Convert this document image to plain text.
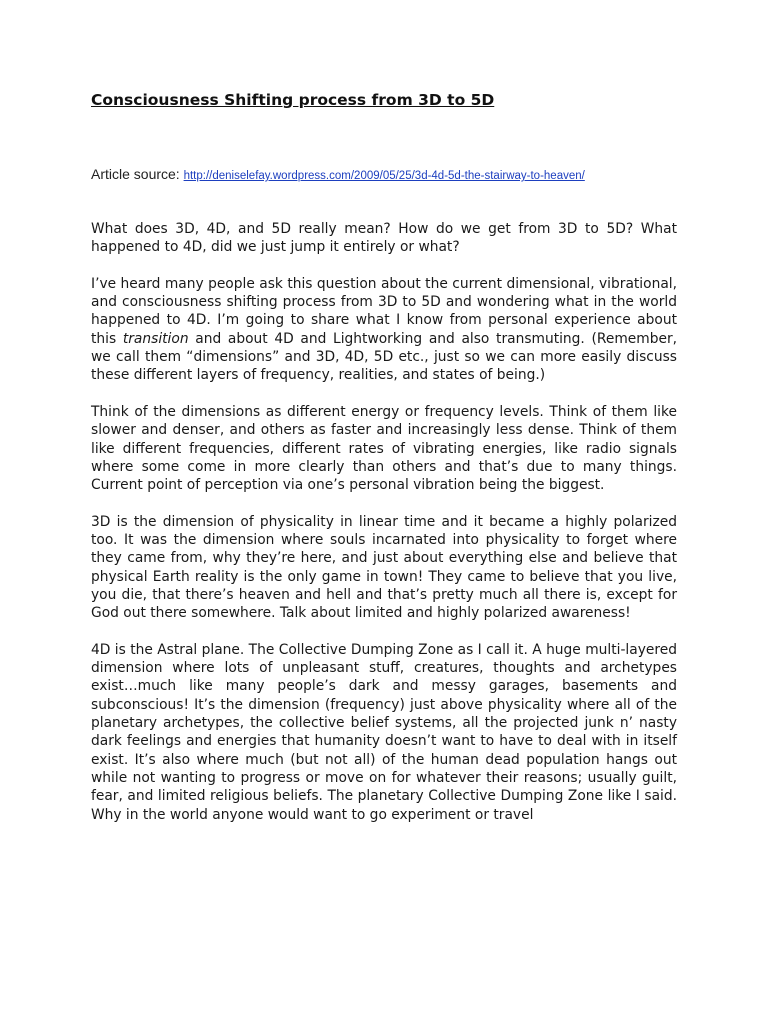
Consciousness Shifting process from 3D to 5D
Article source: http://deniselefay.wordpress.com/2009/05/25/3d-4d-5d-the-stairway-to-heaven/

What does 3D, 4D, and 5D really mean? How do we get from 3D to 5D? What happened to 4D, did we just jump it entirely or what?

I’ve heard many people ask this question about the current dimensional, vibrational, and consciousness shifting process from 3D to 5D and wondering what in the world happened to 4D. I’m going to share what I know from personal experience about this transition and about 4D and Lightworking and also transmuting. (Remember, we call them “dimensions” and 3D, 4D, 5D etc., just so we can more easily discuss these different layers of frequency, realities, and states of being.)

Think of the dimensions as different energy or frequency levels. Think of them like slower and denser, and others as faster and increasingly less dense. Think of them like different frequencies, different rates of vibrating energies, like radio signals where some come in more clearly than others and that’s due to many things. Current point of perception via one’s personal vibration being the biggest.

3D is the dimension of physicality in linear time and it became a highly polarized too. It was the dimension where souls incarnated into physicality to forget where they came from, why they’re here, and just about everything else and believe that physical Earth reality is the only game in town! They came to believe that you live, you die, that there’s heaven and hell and that’s pretty much all there is, except for God out there somewhere. Talk about limited and highly polarized awareness!

4D is the Astral plane. The Collective Dumping Zone as I call it. A huge multi-layered dimension where lots of unpleasant stuff, creatures, thoughts and archetypes exist…much like many people’s dark and messy garages, basements and subconscious! It’s the dimension (frequency) just above physicality where all of the planetary archetypes, the collective belief systems, all the projected junk n’ nasty dark feelings and energies that humanity doesn’t want to have to deal with in itself exist. It’s also where much (but not all) of the human dead population hangs out while not wanting to progress or move on for whatever their reasons; usually guilt, fear, and limited religious beliefs. The planetary Collective Dumping Zone like I said. Why in the world anyone would want to go experiment or travel
